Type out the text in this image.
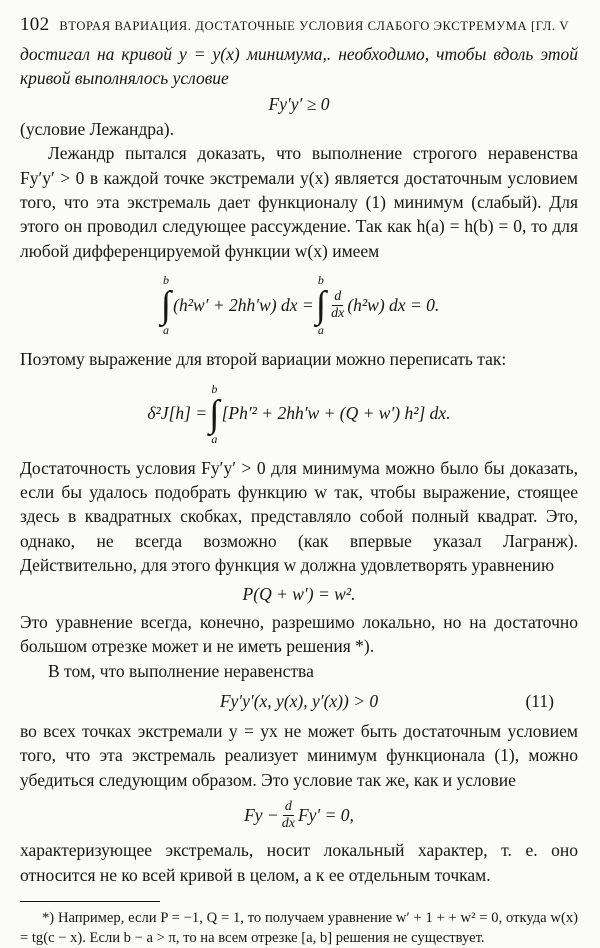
102 ВТОРАЯ ВАРИАЦИЯ. ДОСТАТОЧНЫЕ УСЛОВИЯ СЛАБОГО ЭКСТРЕМУМА [ГЛ. V

достигал на кривой y = y(x) минимума,. необходимо, чтобы вдоль этой кривой выполнялось условие

Fy′y′ ≥ 0

(условие Лежандра).

Лежандр пытался доказать, что выполнение строгого неравенства Fy′y′ > 0 в каждой точке экстремали y(x) является достаточным условием того, что эта экстремаль дает функционалу (1) минимум (слабый). Для этого он проводил следующее рассуждение. Так как h(a) = h(b) = 0, то для любой дифференцируемой функции w(x) имеем

b
∫
a
(h²w′ + 2hh′w) dx =
b
∫
a
$\frac{d}{dx} (h^2w)$ dx = 0.

Поэтому выражение для второй вариации можно переписать так:

δ²J[h] =
b
∫
a
[Ph′² + 2hh′w + (Q + w′) h²] dx.

Достаточность условия Fy′y′ > 0 для минимума можно было бы доказать, если бы удалось подобрать функцию w так, чтобы выражение, стоящее здесь в квадратных скобках, представляло собой полный квадрат. Это, однако, не всегда возможно (как впервые указал Лагранж). Действительно, для этого функция w должна удовлетворять уравнению

P(Q + w′) = w².

Это уравнение всегда, конечно, разрешимо локально, но на достаточно большом отрезке может и не иметь решения *).

В том, что выполнение неравенства

Fy′y′(x, y(x), y′(x)) > 0	(11)

во всех точках экстремали y = yx не может быть достаточным условием того, что эта экстремаль реализует минимум функционала (1), можно убедиться следующим образом. Это условие так же, как и условие

$Fy - \frac{d}{dx} Fy' = 0$,

характеризующее экстремаль, носит локальный характер, т. е. оно относится не ко всей кривой в целом, а к ее отдельным точкам.

*) Например, если P = −1, Q = 1, то получаем уравнение w′ + 1 + + w² = 0, откуда w(x) = tg(c − x). Если b − a > π, то на всем отрезке [a, b] решения не существует.
